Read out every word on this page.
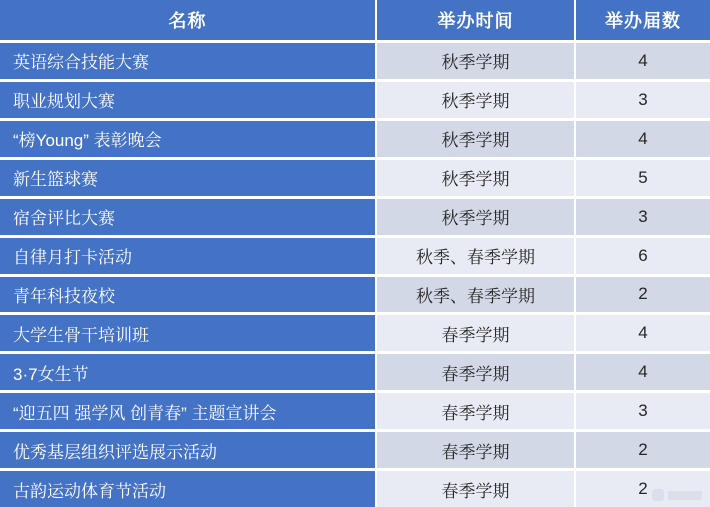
名称	举办时间	举办届数
英语综合技能大赛	秋季学期	4
职业规划大赛	秋季学期	3
“榜Young” 表彰晚会	秋季学期	4
新生篮球赛	秋季学期	5
宿舍评比大赛	秋季学期	3
自律月打卡活动	秋季、春季学期	6
青年科技夜校	秋季、春季学期	2
大学生骨干培训班	春季学期	4
3·7女生节	春季学期	4
“迎五四 强学风 创青春” 主题宣讲会	春季学期	3
优秀基层组织评选展示活动	春季学期	2
古韵运动体育节活动	春季学期	2
